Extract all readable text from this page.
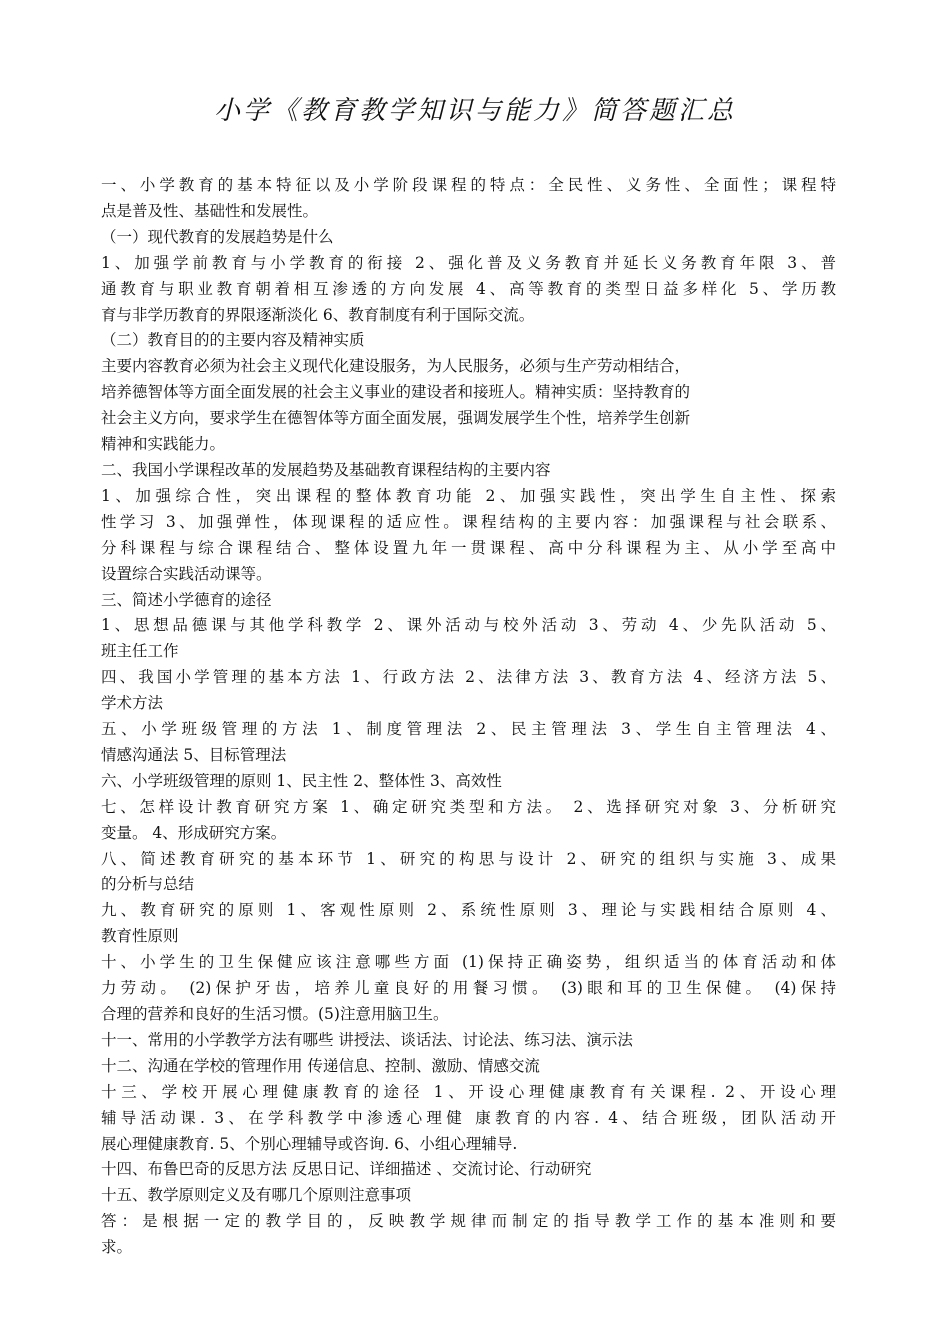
小学《教育教学知识与能力》简答题汇总
一、小学教育的基本特征以及小学阶段课程的特点：全民性、义务性、全面性；课程特
点是普及性、基础性和发展性。
（一）现代教育的发展趋势是什么
1、加强学前教育与小学教育的衔接 2、强化普及义务教育并延长义务教育年限 3、普
通教育与职业教育朝着相互渗透的方向发展 4、高等教育的类型日益多样化 5、学历教
育与非学历教育的界限逐渐淡化 6、教育制度有利于国际交流。
（二）教育目的的主要内容及精神实质
主要内容教育必须为社会主义现代化建设服务，为人民服务，必须与生产劳动相结合，
培养德智体等方面全面发展的社会主义事业的建设者和接班人。精神实质：坚持教育的
社会主义方向，要求学生在德智体等方面全面发展，强调发展学生个性，培养学生创新
精神和实践能力。
二、我国小学课程改革的发展趋势及基础教育课程结构的主要内容
1、加强综合性，突出课程的整体教育功能 2、加强实践性，突出学生自主性、探索
性学习 3、加强弹性，体现课程的适应性。课程结构的主要内容：加强课程与社会联系、
分科课程与综合课程结合、整体设置九年一贯课程、高中分科课程为主、从小学至高中
设置综合实践活动课等。
三、简述小学德育的途径
1、思想品德课与其他学科教学 2、课外活动与校外活动 3、劳动 4、少先队活动 5、
班主任工作
四、我国小学管理的基本方法 1、行政方法 2、法律方法 3、教育方法 4、经济方法 5、
学术方法
五、小学班级管理的方法 1、制度管理法 2、民主管理法 3、学生自主管理法 4、
情感沟通法 5、目标管理法
六、小学班级管理的原则 1、民主性 2、整体性 3、高效性
七、怎样设计教育研究方案 1、确定研究类型和方法。 2、选择研究对象 3、分析研究
变量。 4、形成研究方案。
八、简述教育研究的基本环节 1、研究的构思与设计 2、研究的组织与实施 3、成果
的分析与总结
九、教育研究的原则 1、客观性原则 2、系统性原则 3、理论与实践相结合原则 4、
教育性原则
十、小学生的卫生保健应该注意哪些方面 (1)保持正确姿势，组织适当的体育活动和体
力劳动。 (2)保护牙齿，培养儿童良好的用餐习惯。 (3)眼和耳的卫生保健。 (4)保持
合理的营养和良好的生活习惯。(5)注意用脑卫生。
十一、常用的小学教学方法有哪些 讲授法、谈话法、讨论法、练习法、演示法
十二、沟通在学校的管理作用 传递信息、控制、激励、情感交流
十三、学校开展心理健康教育的途径 1、开设心理健康教育有关课程. 2、开设心理
辅导活动课. 3、在学科教学中渗透心理健 康教育的内容. 4、结合班级，团队活动开
展心理健康教育. 5、个别心理辅导或咨询. 6、小组心理辅导.
十四、布鲁巴奇的反思方法 反思日记、详细描述 、交流讨论、行动研究
十五、教学原则定义及有哪几个原则注意事项
答：是根据一定的教学目的，反映教学规律而制定的指导教学工作的基本准则和要
求。
